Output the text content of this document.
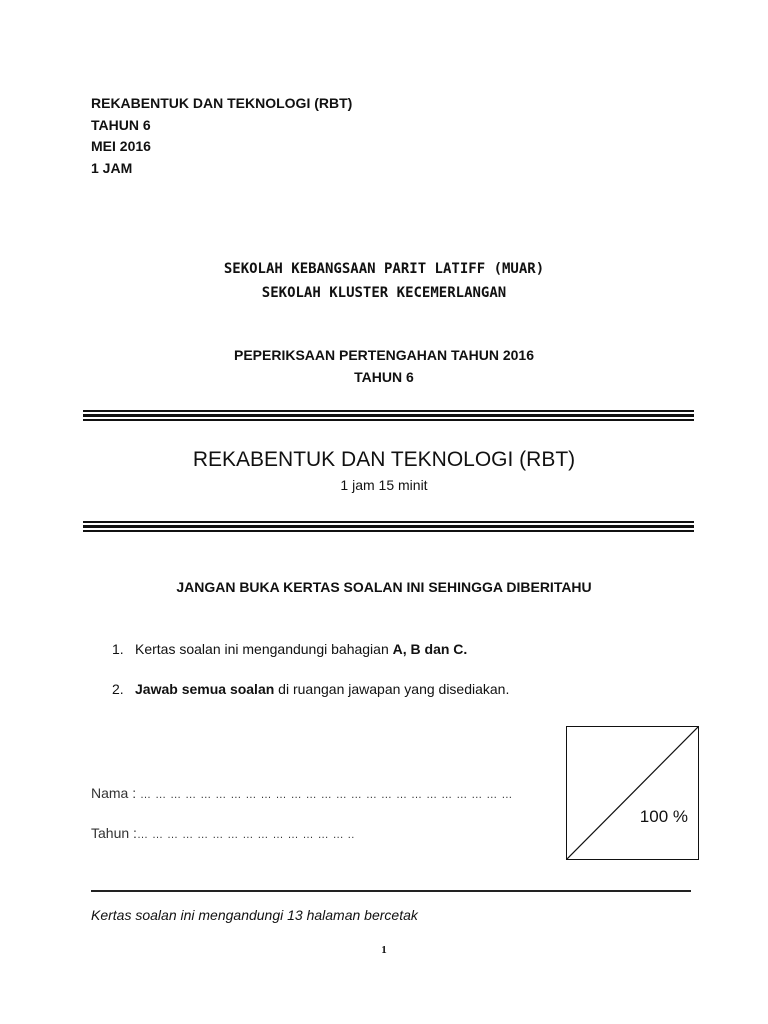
REKABENTUK DAN TEKNOLOGI (RBT)
TAHUN 6
MEI 2016
1 JAM
SEKOLAH KEBANGSAAN PARIT LATIFF (MUAR)
SEKOLAH KLUSTER KECEMERLANGAN
PEPERIKSAAN PERTENGAHAN TAHUN 2016
TAHUN 6
REKABENTUK DAN TEKNOLOGI (RBT)
1 jam 15 minit
JANGAN BUKA KERTAS SOALAN INI SEHINGGA DIBERITAHU
1. Kertas soalan ini mengandungi bahagian A, B dan C.
2. Jawab semua soalan di ruangan jawapan yang disediakan.
Nama : … … … … … … … … … … … … … … … … … … … … … … … … …
Tahun :… … … … … … … … … … … … … … ..
100 %
Kertas soalan ini mengandungi 13 halaman bercetak
1
